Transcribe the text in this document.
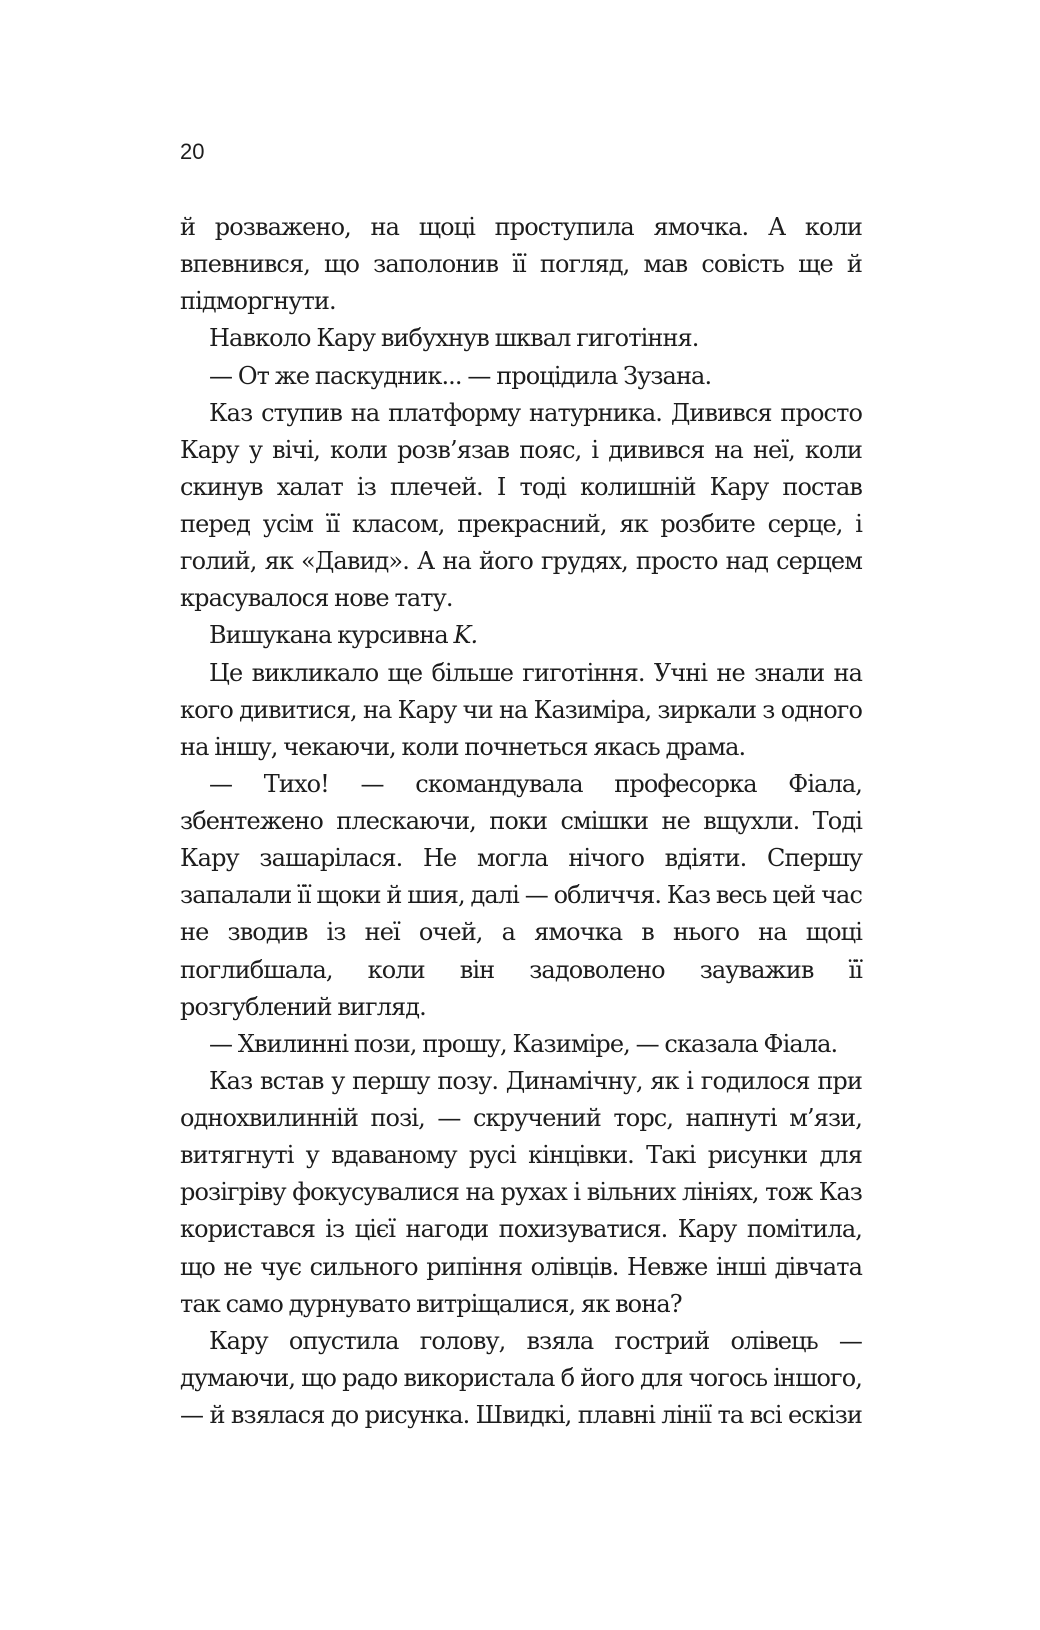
20

й розважено, на щоці проступила ямочка. А коли впевнився, що заполонив її погляд, мав совість ще й підморгнути.

Навколо Кару вибухнув шквал гиготіння.

— От же паскудник... — процідила Зузана.

Каз ступив на платформу натурника. Дивився просто Кару у вічі, коли розв’язав пояс, і дивився на неї, коли скинув халат із плечей. І тоді колишній Кару постав перед усім її класом, прекрасний, як розбите серце, і голий, як «Давид». А на його грудях, просто над серцем красувалося нове тату.

Вишукана курсивна K.

Це викликало ще більше гиготіння. Учні не знали на кого дивитися, на Кару чи на Казиміра, зиркали з одного на іншу, чекаючи, коли почнеться якась драма.

— Тихо! — скомандувала професорка Фіала, збентежено плескаючи, поки смішки не вщухли. Тоді Кару зашарілася. Не могла нічого вдіяти. Спершу запалали її щоки й шия, далі — обличчя. Каз весь цей час не зводив із неї очей, а ямочка в нього на щоці поглибшала, коли він задоволено зауважив її розгублений вигляд.

— Хвилинні пози, прошу, Казиміре, — сказала Фіала.

Каз встав у першу позу. Динамічну, як і годилося при однохвилинній позі, — скручений торс, напнуті м’язи, витягнуті у вдаваному русі кінцівки. Такі рисунки для розігріву фокусувалися на рухах і вільних лініях, тож Каз користався із цієї нагоди похизуватися. Кару помітила, що не чує сильного рипіння олівців. Невже інші дівчата так само дурнувато витріщалися, як вона?

Кару опустила голову, взяла гострий олівець — думаючи, що радо використала б його для чогось іншого, — й взялася до рисунка. Швидкі, плавні лінії та всі ескізи
